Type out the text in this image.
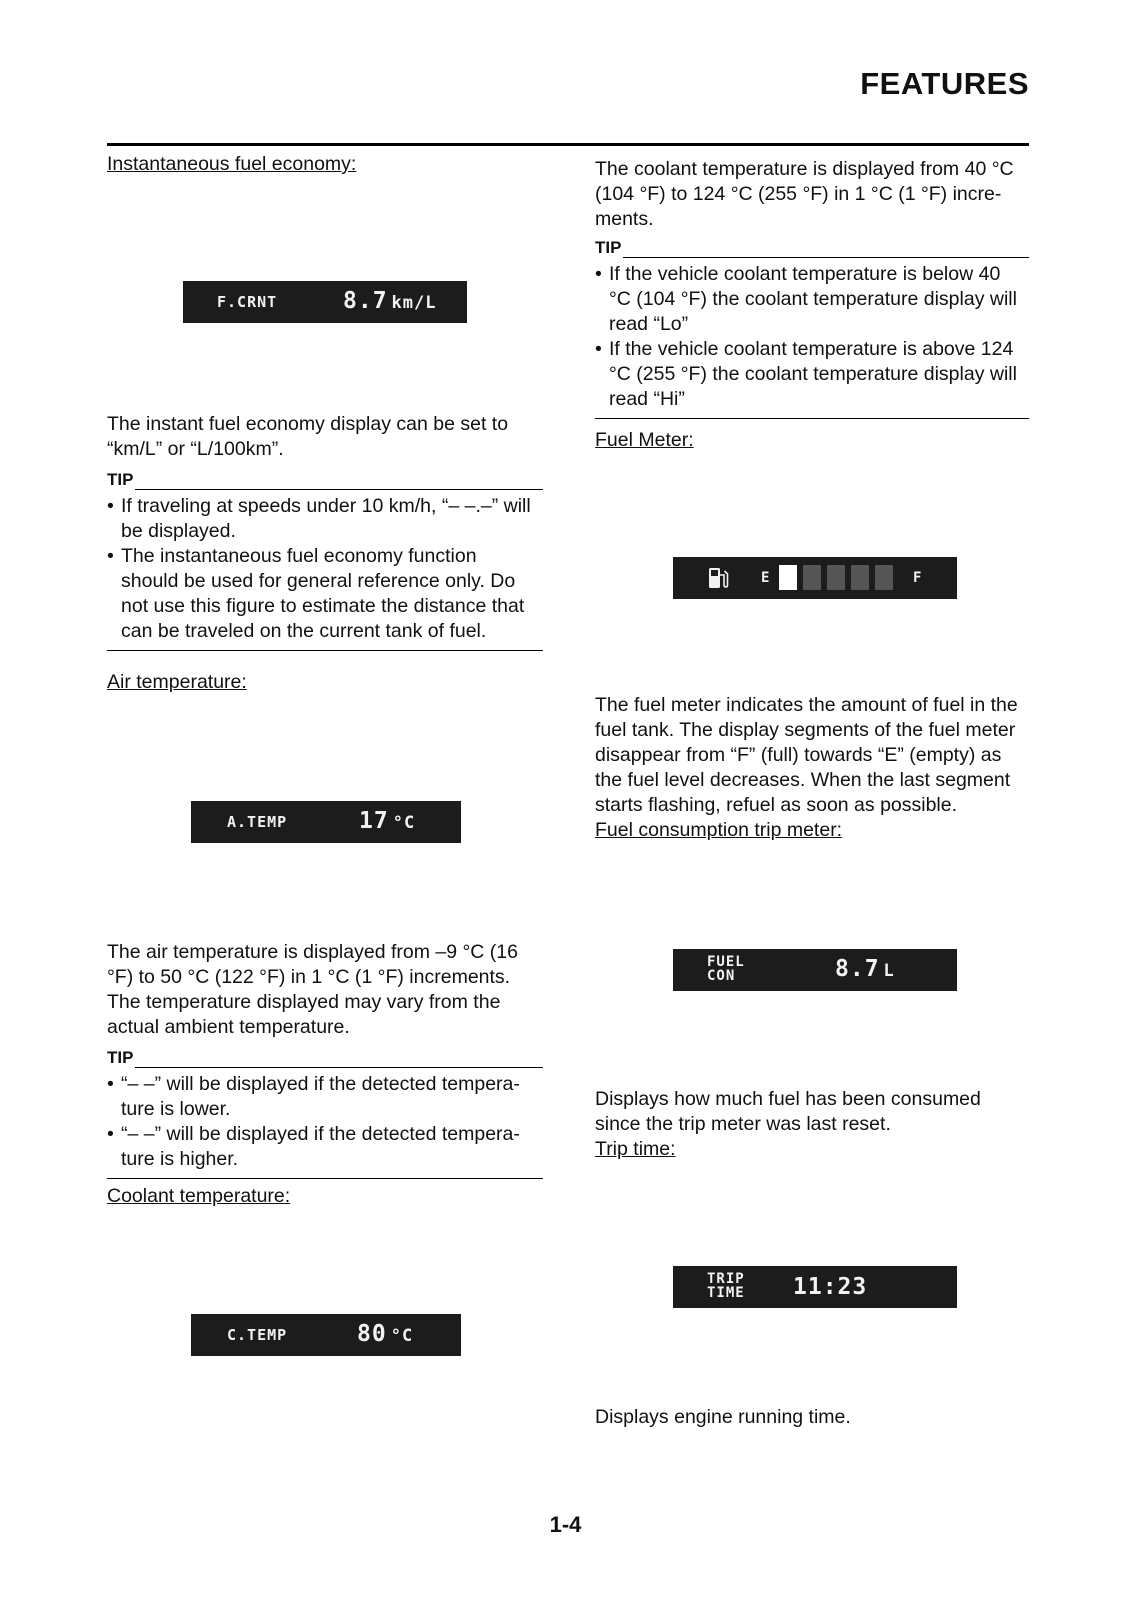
FEATURES
Instantaneous fuel economy:
F.CRNT	8.7 km/L

The instant fuel economy display can be set to
“km/L” or “L/100km”.

TIP
• If traveling at speeds under 10 km/h, “– –.–” will
be displayed.
• The instantaneous fuel economy function
should be used for general reference only. Do
not use this figure to estimate the distance that
can be traveled on the current tank of fuel.
Air temperature:
A.TEMP	17 °C

The air temperature is displayed from –9 °C (16
°F) to 50 °C (122 °F) in 1 °C (1 °F) increments.
The temperature displayed may vary from the
actual ambient temperature.

TIP
• “– –” will be displayed if the detected tempera-
ture is lower.
• “– –” will be displayed if the detected tempera-
ture is higher.
Coolant temperature:
C.TEMP	80 °C

The coolant temperature is displayed from 40 °C
(104 °F) to 124 °C (255 °F) in 1 °C (1 °F) incre-
ments.

TIP
• If the vehicle coolant temperature is below 40
°C (104 °F) the coolant temperature display will
read “Lo”
• If the vehicle coolant temperature is above 124
°C (255 °F) the coolant temperature display will
read “Hi”
Fuel Meter:
E	F

The fuel meter indicates the amount of fuel in the
fuel tank. The display segments of the fuel meter
disappear from “F” (full) towards “E” (empty) as
the fuel level decreases. When the last segment
starts flashing, refuel as soon as possible.

Fuel consumption trip meter:
FUEL
CON	8.7 L

Displays how much fuel has been consumed
since the trip meter was last reset.

Trip time:
TRIP
TIME 11:23

Displays engine running time.

1-4
